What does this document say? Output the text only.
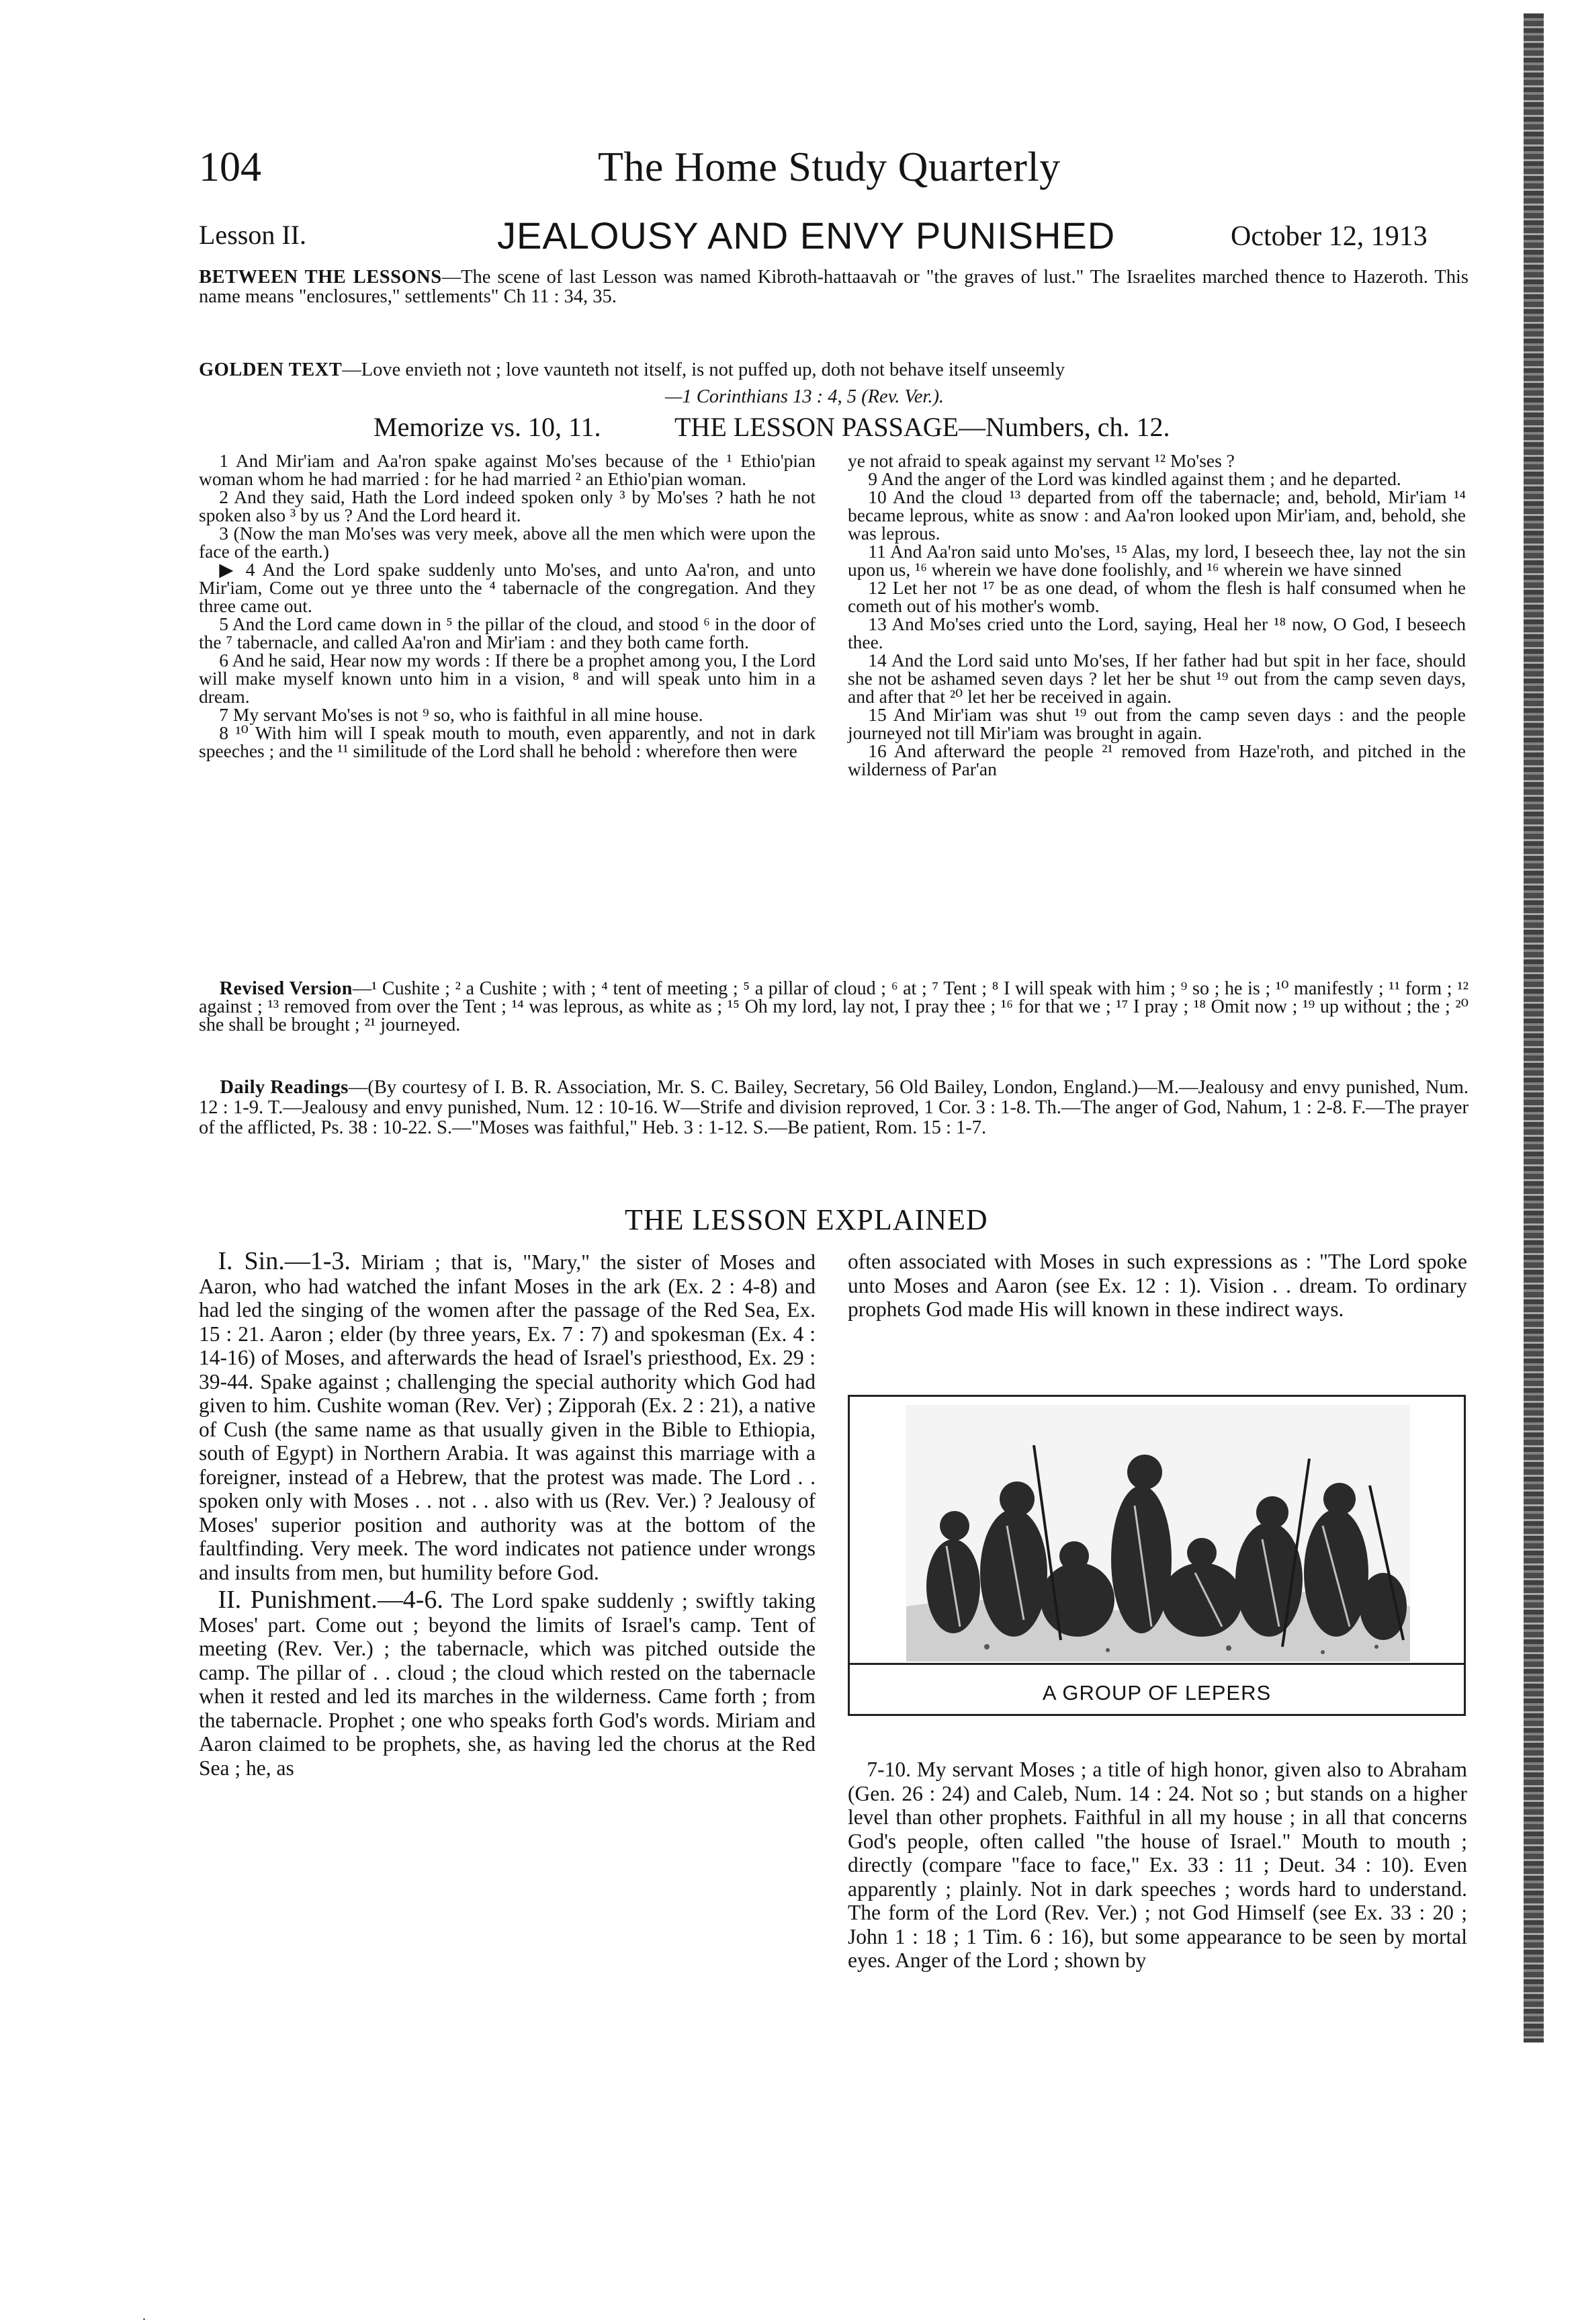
104	The Home Study Quarterly
Lesson II.	JEALOUSY AND ENVY PUNISHED	October 12, 1913
BETWEEN THE LESSONS—The scene of last Lesson was named Kibroth-hattaavah or "the graves of lust." The Israelites marched thence to Hazeroth. This name means "enclosures," settlements" Ch 11 : 34, 35.
GOLDEN TEXT—Love envieth not ; love vaunteth not itself, is not puffed up, doth not behave itself unseemly
—1 Corinthians 13 : 4, 5 (Rev. Ver.).
Memorize vs. 10, 11.	THE LESSON PASSAGE—Numbers, ch. 12.

1 And Mir'iam and Aa'ron spake against Mo'ses because of the ¹ Ethio'pian woman whom he had married : for he had married ² an Ethio'pian woman.

2 And they said, Hath the Lord indeed spoken only ³ by Mo'ses ? hath he not spoken also ³ by us ? And the Lord heard it.

3 (Now the man Mo'ses was very meek, above all the men which were upon the face of the earth.)

▶ 4 And the Lord spake suddenly unto Mo'ses, and unto Aa'ron, and unto Mir'iam, Come out ye three unto the ⁴ tabernacle of the congregation. And they three came out.

5 And the Lord came down in ⁵ the pillar of the cloud, and stood ⁶ in the door of the ⁷ tabernacle, and called Aa'ron and Mir'iam : and they both came forth.

6 And he said, Hear now my words : If there be a prophet among you, I the Lord will make myself known unto him in a vision, ⁸ and will speak unto him in a dream.

7 My servant Mo'ses is not ⁹ so, who is faithful in all mine house.

8 ¹⁰ With him will I speak mouth to mouth, even apparently, and not in dark speeches ; and the ¹¹ similitude of the Lord shall he behold : wherefore then were

ye not afraid to speak against my servant ¹² Mo'ses ?

9 And the anger of the Lord was kindled against them ; and he departed.

10 And the cloud ¹³ departed from off the tabernacle; and, behold, Mir'iam ¹⁴ became leprous, white as snow : and Aa'ron looked upon Mir'iam, and, behold, she was leprous.

11 And Aa'ron said unto Mo'ses, ¹⁵ Alas, my lord, I beseech thee, lay not the sin upon us, ¹⁶ wherein we have done foolishly, and ¹⁶ wherein we have sinned

12 Let her not ¹⁷ be as one dead, of whom the flesh is half consumed when he cometh out of his mother's womb.

13 And Mo'ses cried unto the Lord, saying, Heal her ¹⁸ now, O God, I beseech thee.

14 And the Lord said unto Mo'ses, If her father had but spit in her face, should she not be ashamed seven days ? let her be shut ¹⁹ out from the camp seven days, and after that ²⁰ let her be received in again.

15 And Mir'iam was shut ¹⁹ out from the camp seven days : and the people journeyed not till Mir'iam was brought in again.

16 And afterward the people ²¹ removed from Haze'roth, and pitched in the wilderness of Par'an

Revised Version—¹ Cushite ; ² a Cushite ; with ; ⁴ tent of meeting ; ⁵ a pillar of cloud ; ⁶ at ; ⁷ Tent ; ⁸ I will speak with him ; ⁹ so ; he is ; ¹⁰ manifestly ; ¹¹ form ; ¹² against ; ¹³ removed from over the Tent ; ¹⁴ was leprous, as white as ; ¹⁵ Oh my lord, lay not, I pray thee ; ¹⁶ for that we ; ¹⁷ I pray ; ¹⁸ Omit now ; ¹⁹ up without ; the ; ²⁰ she shall be brought ; ²¹ journeyed.
Daily Readings—(By courtesy of I. B. R. Association, Mr. S. C. Bailey, Secretary, 56 Old Bailey, London, England.)—M.—Jealousy and envy punished, Num. 12 : 1-9. T.—Jealousy and envy punished, Num. 12 : 10-16. W—Strife and division reproved, 1 Cor. 3 : 1-8. Th.—The anger of God, Nahum, 1 : 2-8. F.—The prayer of the afflicted, Ps. 38 : 10-22. S.—"Moses was faithful," Heb. 3 : 1-12. S.—Be patient, Rom. 15 : 1-7.
THE LESSON EXPLAINED

I. Sin.—1-3. Miriam ; that is, "Mary," the sister of Moses and Aaron, who had watched the infant Moses in the ark (Ex. 2 : 4-8) and had led the singing of the women after the passage of the Red Sea, Ex. 15 : 21. Aaron ; elder (by three years, Ex. 7 : 7) and spokesman (Ex. 4 : 14-16) of Moses, and afterwards the head of Israel's priesthood, Ex. 29 : 39-44. Spake against ; challenging the special authority which God had given to him. Cushite woman (Rev. Ver) ; Zipporah (Ex. 2 : 21), a native of Cush (the same name as that usually given in the Bible to Ethiopia, south of Egypt) in Northern Arabia. It was against this marriage with a foreigner, instead of a Hebrew, that the protest was made. The Lord . . spoken only with Moses . . not . . also with us (Rev. Ver.) ? Jealousy of Moses' superior position and authority was at the bottom of the faultfinding. Very meek. The word indicates not patience under wrongs and insults from men, but humility before God.

II. Punishment.—4-6. The Lord spake suddenly ; swiftly taking Moses' part. Come out ; beyond the limits of Israel's camp. Tent of meeting (Rev. Ver.) ; the tabernacle, which was pitched outside the camp. The pillar of . . cloud ; the cloud which rested on the tabernacle when it rested and led its marches in the wilderness. Came forth ; from the tabernacle. Prophet ; one who speaks forth God's words. Miriam and Aaron claimed to be prophets, she, as having led the chorus at the Red Sea ; he, as

often associated with Moses in such expressions as : "The Lord spoke unto Moses and Aaron (see Ex. 12 : 1). Vision . . dream. To ordinary prophets God made His will known in these indirect ways.

A GROUP OF LEPERS

7-10. My servant Moses ; a title of high honor, given also to Abraham (Gen. 26 : 24) and Caleb, Num. 14 : 24. Not so ; but stands on a higher level than other prophets. Faithful in all my house ; in all that concerns God's people, often called "the house of Israel." Mouth to mouth ; directly (compare "face to face," Ex. 33 : 11 ; Deut. 34 : 10). Even apparently ; plainly. Not in dark speeches ; words hard to understand. The form of the Lord (Rev. Ver.) ; not God Himself (see Ex. 33 : 20 ; John 1 : 18 ; 1 Tim. 6 : 16), but some appearance to be seen by mortal eyes. Anger of the Lord ; shown by

.
